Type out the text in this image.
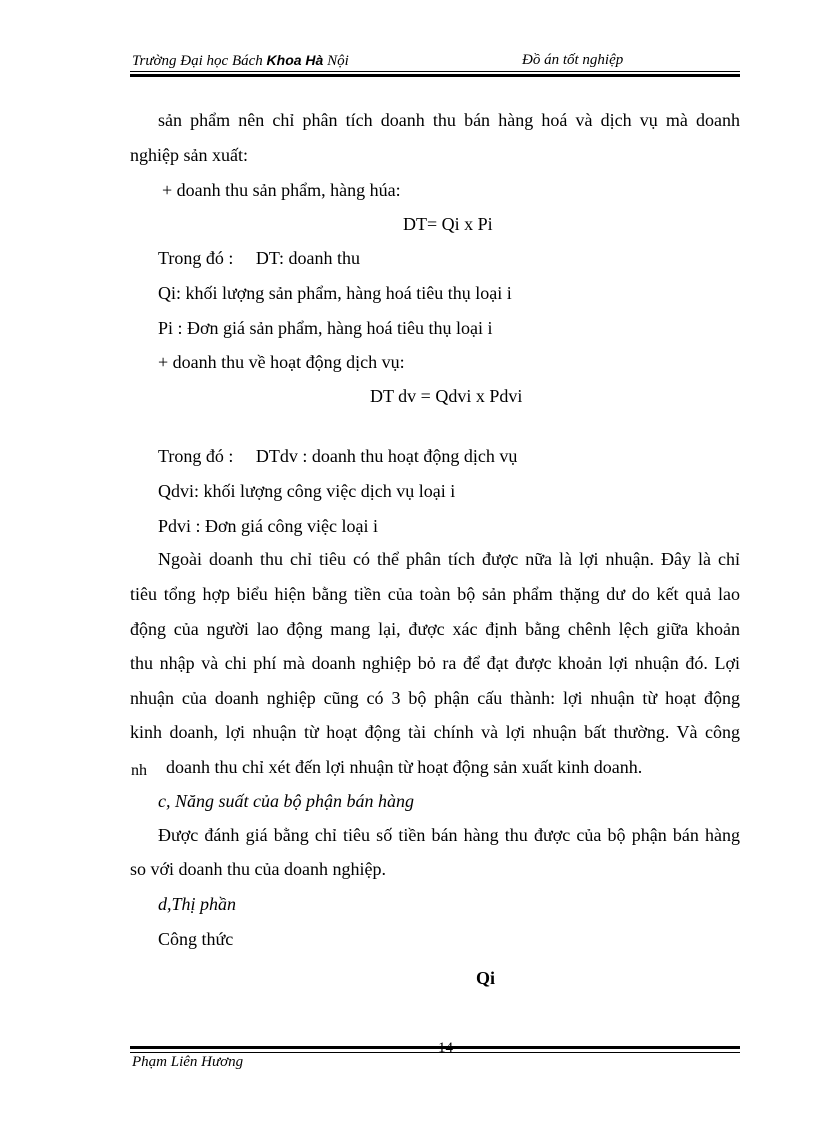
Trường Đại học Bách Khoa Hà Nội	Đồ án tốt nghiệp
sản phẩm nên chỉ phân tích doanh thu bán hàng hoá và dịch vụ mà doanh
nghiệp sản xuất:
+ doanh thu sản phẩm, hàng húa:
DT= Qi x Pi
Trong đó :     DT: doanh thu
Qi: khối lượng sản phẩm, hàng hoá tiêu thụ loại i
Pi : Đơn giá sản phẩm, hàng hoá tiêu thụ loại i
+ doanh thu về hoạt động dịch vụ:
DT dv = Qdvi x Pdvi
Trong đó :     DTdv : doanh thu hoạt động dịch vụ
Qdvi: khối lượng công việc dịch vụ loại i
Pdvi : Đơn giá công việc loại i
Ngoài doanh thu chỉ tiêu có thể phân tích được nữa là lợi nhuận. Đây là chỉ
tiêu tổng hợp biểu hiện bằng tiền của toàn bộ sản phẩm thặng dư do kết quả lao
động của người lao động mang lại, được xác định bằng chênh lệch giữa khoản
thu nhập và chi phí mà doanh nghiệp bỏ ra để đạt được khoản lợi nhuận đó. Lợi
nhuận của doanh nghiệp cũng có 3 bộ phận cấu thành: lợi nhuận từ hoạt động
kinh doanh, lợi nhuận từ hoạt động tài chính và lợi nhuận bất thường. Và công
nh	doanh thu chỉ xét đến lợi nhuận từ hoạt động sản xuất kinh doanh.
c, Năng suất của bộ phận bán hàng
Được đánh giá bằng chỉ tiêu số tiền bán hàng thu được của bộ phận bán hàng
so với doanh thu của doanh nghiệp.
d,Thị phần
Công thức
Qi
14
Phạm Liên Hương
